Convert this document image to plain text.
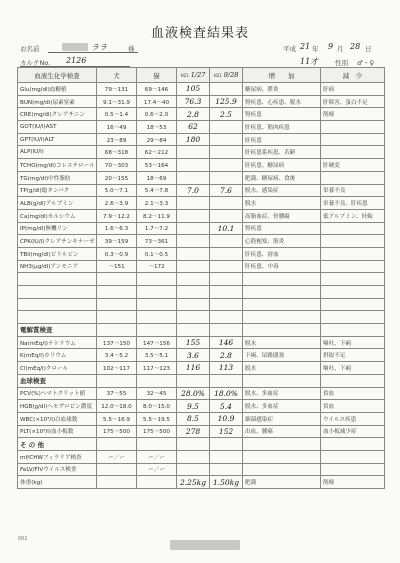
血液検査結果表
お名前	ララ	様	平成 21 年 9 月 28 日
カルテNo. 2126	11才	性別 ♂・♀
血液生化学検査	犬	猫	H21 1/27	H21 9/28	増　　加	減　少
Glu(mg/dl)血糖値	79〜131	69〜146	105		糖尿病、膵炎	肝病
BUN(mg/dl)尿素窒素	9.1〜31.9	17.4〜40	76.3	125.9	腎疾患、心疾患、脱水	肝障害、蛋白不足
CRE(mg/dl)クレアチニン	0.5〜1.4	0.6〜2.0	2.8	2.5	腎疾患	削痩
GOT(IU/l)AST	16〜49	18〜53	62		肝疾患、筋肉疾患	
GPT(IU/l)ALT	23〜89	29〜84	180		肝疾患	
ALP(IU/l)	68〜318	62〜212			肝疾患系疾患、若齢	
TCHO(mg/dl)コレステロール	70〜303	53〜164			肝疾患、糖尿病	肝硬変
TG(mg/dl)中性脂肪	20〜155	18〜69			肥満、糖尿病、食後	
TP(g/dl)総タンパク	5.0〜7.1	5.4〜7.8	7.0	7.6	脱水、感染症	栄養不良
ALB(g/dl)アルブミン	2.6〜3.9	2.1〜3.3			脱水	栄養不良、肝疾患
Ca(mg/dl)カルシウム	7.9〜12.2	8.2〜11.9			高脂血症、骨腫瘍	低アルブミン、妊娠
IP(mg/dl)無機リン	1.6〜6.3	1.7〜7.2		10.1	腎疾患	
CPK(IU/l)クレアチンキナーゼ	39〜159	73〜361			心筋梗塞、筋炎	
TBil(mg/dl)ビリルビン	0.3〜0.9	0.1〜0.5			肝疾患、溶血	
NH3(μg/dl)アンモニア	〜151	〜172			肝疾患、中毒	

電解質検査						
Na(mEq/l)ナトリウム	137〜150	147〜156	155	146	脱水	嘔吐、下痢
K(mEq/l)カリウム	3.4〜5.2	3.5〜5.1	3.6	2.8	下痢、尿路閉塞	摂取不足
Cl(mEq/l)クロール	102〜117	117〜123	116	113	脱水	嘔吐、下痢
血球検査						
PCV(%)ヘマトクリット値	37〜55	32〜45	28.0%	18.0%	脱水、多血症	貧血
HGB(g/dl)ヘモグロビン濃度	12.0〜18.0	8.0〜15.0	9.5	5.4	脱水、多血症	貧血
WBC(×10³/l)白血球数	5.5〜16.9	5.5〜19.5	8.5	10.9	細菌感染症	ウイルス疾患
PLT(×10³/l)血小板数	175〜500	175〜500	278	152	出血、腫瘍	血小板減少症
そ の 他						
mf/CHWフィラリア検査	ー／ー	ー／ー				
FeLV/FIVウイルス検査		ー／ー				
体重(kg)			2.25kg	1.50kg	肥満	削痩
001
